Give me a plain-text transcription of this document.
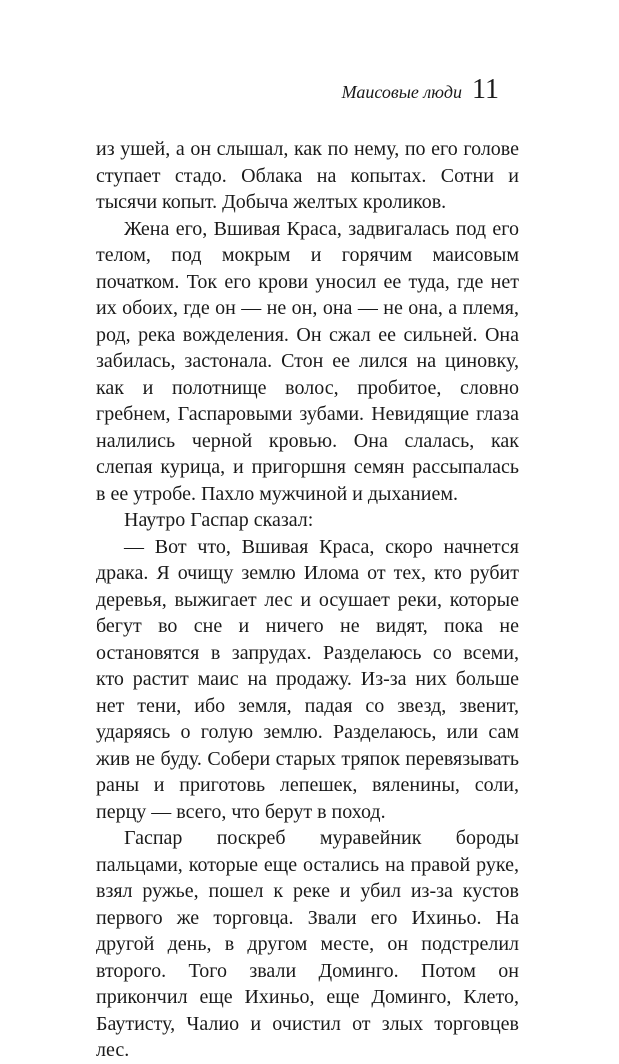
Маисовые люди 11

из ушей, а он слышал, как по нему, по его голове ступает стадо. Облака на копытах. Сотни и тысячи копыт. Добыча желтых кроликов.

Жена его, Вшивая Краса, задвигалась под его телом, под мокрым и горячим маисовым початком. Ток его крови уносил ее туда, где нет их обоих, где он — не он, она — не она, а племя, род, река вожделения. Он сжал ее сильней. Она забилась, застонала. Стон ее лился на циновку, как и полотнище волос, пробитое, словно гребнем, Гаспаровыми зубами. Невидящие глаза налились черной кровью. Она слалась, как слепая курица, и пригоршня семян рассыпалась в ее утробе. Пахло мужчиной и дыханием.

Наутро Гаспар сказал:

— Вот что, Вшивая Краса, скоро начнется драка. Я очищу землю Илома от тех, кто рубит деревья, выжигает лес и осушает реки, которые бегут во сне и ничего не видят, пока не остановятся в запрудах. Разделаюсь со всеми, кто растит маис на продажу. Из-за них больше нет тени, ибо земля, падая со звезд, звенит, ударяясь о голую землю. Разделаюсь, или сам жив не буду. Собери старых тряпок перевязывать раны и приготовь лепешек, вяленины, соли, перцу — всего, что берут в поход.

Гаспар поскреб муравейник бороды пальцами, которые еще остались на правой руке, взял ружье, пошел к реке и убил из-за кустов первого же торговца. Звали его Ихиньо. На другой день, в другом месте, он подстрелил второго. Того звали Доминго. Потом он прикончил еще Ихиньо, еще Доминго, Клето, Баутисту, Чалио и очистил от злых торговцев лес.
